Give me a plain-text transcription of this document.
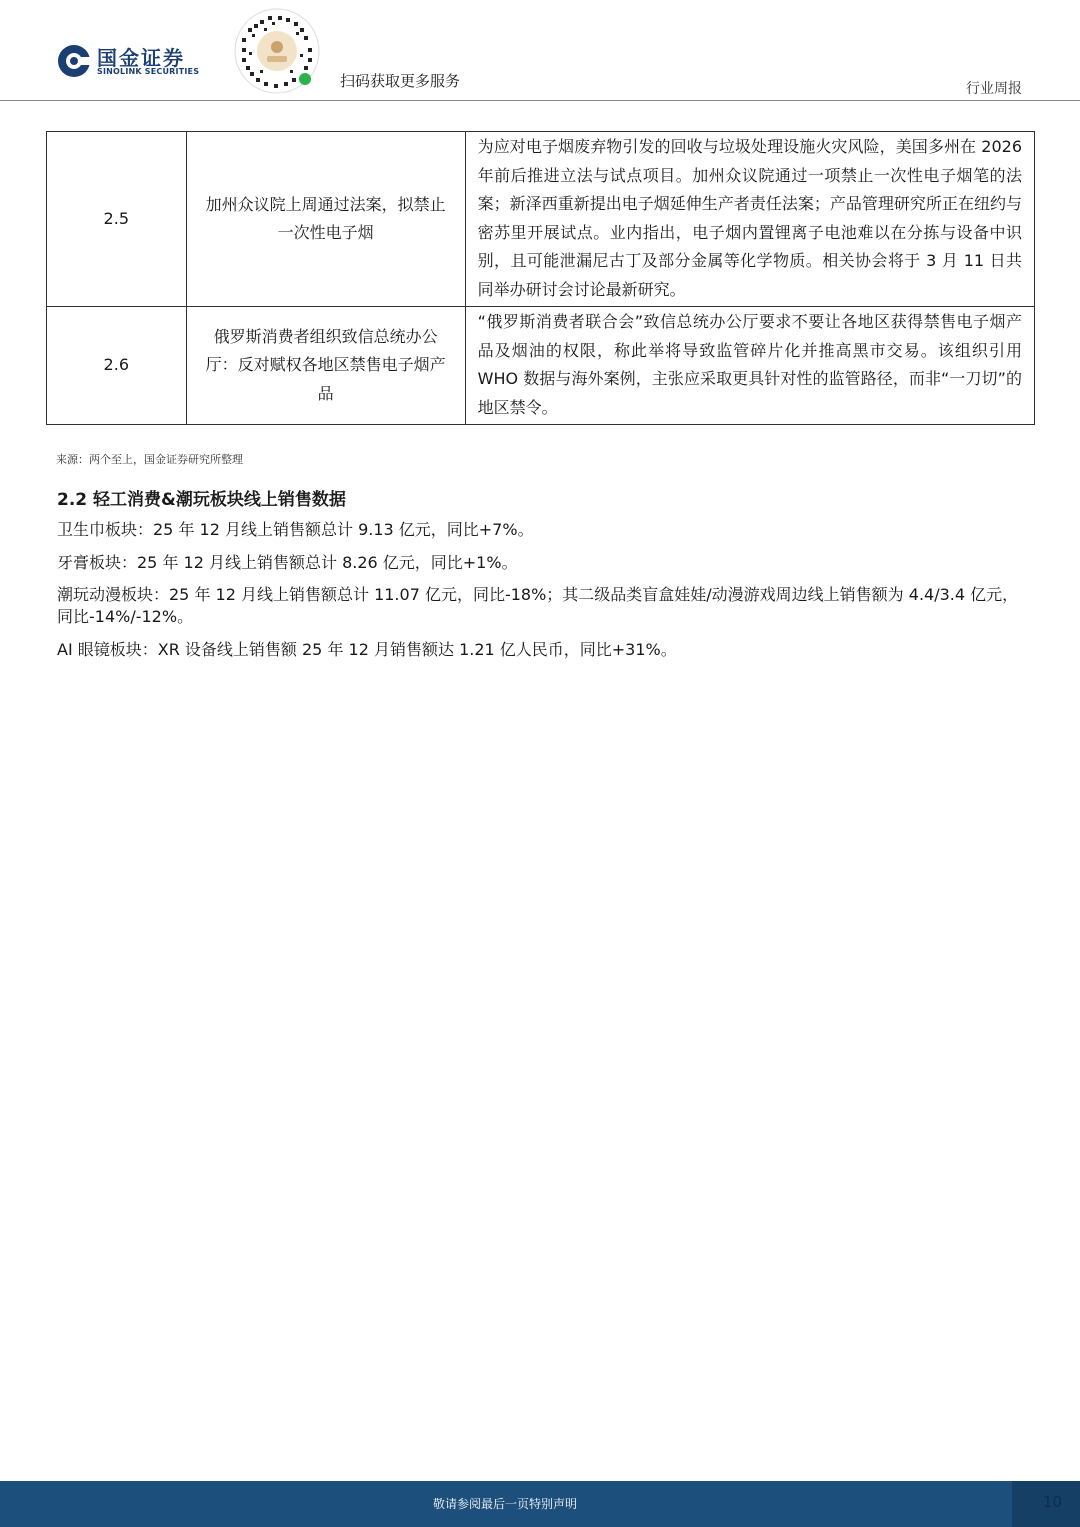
国金证券
SINOLINK SECURITIES
扫码获取更多服务	行业周报
2.5	加州众议院上周通过法案，拟禁止一次性电子烟	为应对电子烟废弃物引发的回收与垃圾处理设施火灾风险，美国多州在 2026 年前后推进立法与试点项目。加州众议院通过一项禁止一次性电子烟笔的法案；新泽西重新提出电子烟延伸生产者责任法案；产品管理研究所正在纽约与密苏里开展试点。业内指出，电子烟内置锂离子电池难以在分拣与设备中识别，且可能泄漏尼古丁及部分金属等化学物质。相关协会将于 3 月 11 日共同举办研讨会讨论最新研究。
2.6	俄罗斯消费者组织致信总统办公厅：反对赋权各地区禁售电子烟产品	“俄罗斯消费者联合会”致信总统办公厅要求不要让各地区获得禁售电子烟产品及烟油的权限，称此举将导致监管碎片化并推高黑市交易。该组织引用 WHO 数据与海外案例，主张应采取更具针对性的监管路径，而非“一刀切”的地区禁令。
来源：两个至上，国金证券研究所整理
2.2 轻工消费&潮玩板块线上销售数据
卫生巾板块：25 年 12 月线上销售额总计 9.13 亿元，同比+7%。
牙膏板块：25 年 12 月线上销售额总计 8.26 亿元，同比+1%。
潮玩动漫板块：25 年 12 月线上销售额总计 11.07 亿元，同比-18%；其二级品类盲盒娃娃/动漫游戏周边线上销售额为 4.4/3.4 亿元，同比-14%/-12%。
AI 眼镜板块：XR 设备线上销售额 25 年 12 月销售额达 1.21 亿人民币，同比+31%。
敬请参阅最后一页特别声明	10
